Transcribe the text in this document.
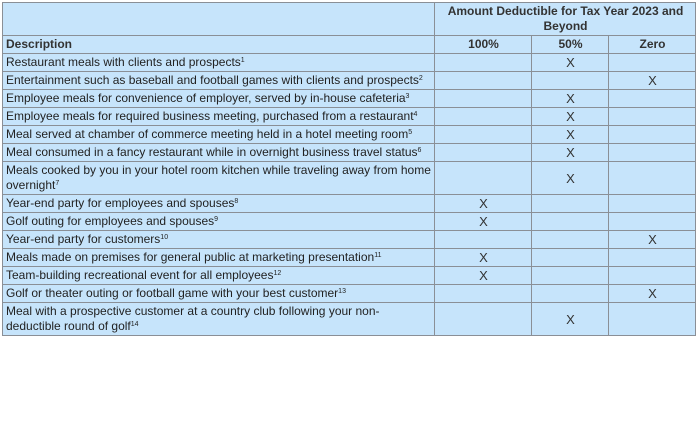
	Amount Deductible for Tax Year 2023 and Beyond		
Description	100%	50%	Zero
Restaurant meals with clients and prospects$^1$		X	
Entertainment such as baseball and football games with clients and prospects$^2$			X
Employee meals for convenience of employer, served by in-house cafeteria$^3$		X	
Employee meals for required business meeting, purchased from a restaurant$^4$		X	
Meal served at chamber of commerce meeting held in a hotel meeting room$^5$		X	
Meal consumed in a fancy restaurant while in overnight business travel status$^6$		X	
Meals cooked by you in your hotel room kitchen while traveling away from home overnight$^7$		X	
Year-end party for employees and spouses$^8$	X		
Golf outing for employees and spouses$^9$	X		
Year-end party for customers$^{10}$			X
Meals made on premises for general public at marketing presentation$^{11}$	X		
Team-building recreational event for all employees$^{12}$	X		
Golf or theater outing or football game with your best customer$^{13}$			X
Meal with a prospective customer at a country club following your non-deductible round of golf$^{14}$		X	
